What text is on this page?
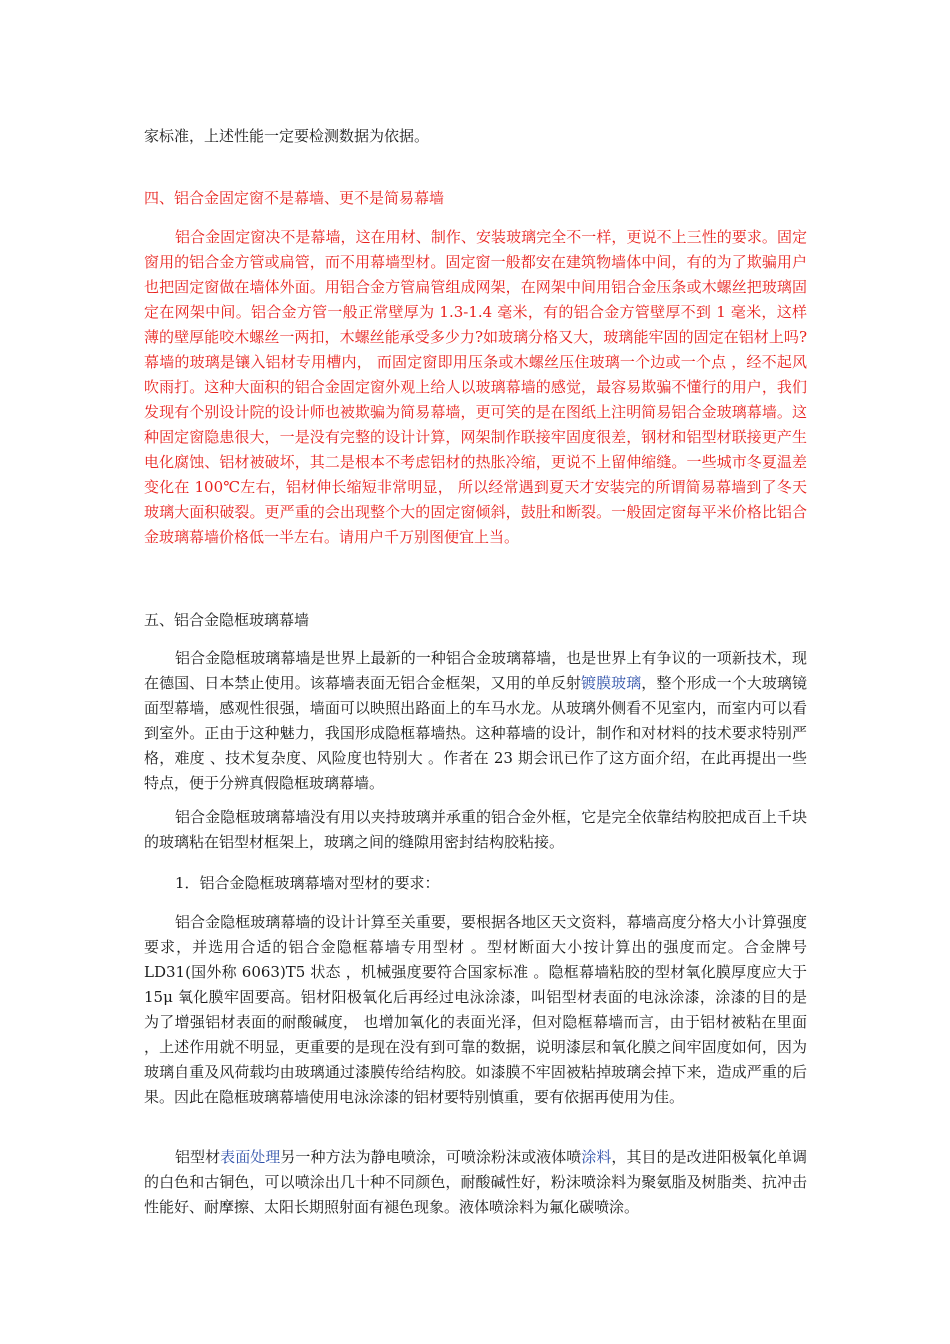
家标准，上述性能一定要检测数据为依据。

四、铝合金固定窗不是幕墙、更不是简易幕墙

铝合金固定窗决不是幕墙，这在用材、制作、安装玻璃完全不一样，更说不上三性的要求。固定窗用的铝合金方管或扁管，而不用幕墙型材。固定窗一般都安在建筑物墙体中间，有的为了欺骗用户也把固定窗做在墙体外面。用铝合金方管扁管组成网架，在网架中间用铝合金压条或木螺丝把玻璃固定在网架中间。铝合金方管一般正常壁厚为 1.3-1.4 毫米，有的铝合金方管壁厚不到 1 毫米，这样薄的壁厚能咬木螺丝一两扣，木螺丝能承受多少力?如玻璃分格又大，玻璃能牢固的固定在铝材上吗?幕墙的玻璃是镶入铝材专用槽内， 而固定窗即用压条或木螺丝压住玻璃一个边或一个点 ，经不起风吹雨打。这种大面积的铝合金固定窗外观上给人以玻璃幕墙的感觉，最容易欺骗不懂行的用户，我们发现有个别设计院的设计师也被欺骗为简易幕墙，更可笑的是在图纸上注明简易铝合金玻璃幕墙。这种固定窗隐患很大，一是没有完整的设计计算，网架制作联接牢固度很差，钢材和铝型材联接更产生电化腐蚀、铝材被破坏，其二是根本不考虑铝材的热胀冷缩，更说不上留伸缩缝。一些城市冬夏温差变化在 100℃左右，铝材伸长缩短非常明显， 所以经常遇到夏天才安装完的所谓简易幕墙到了冬天玻璃大面积破裂。更严重的会出现整个大的固定窗倾斜，鼓肚和断裂。一般固定窗每平米价格比铝合金玻璃幕墙价格低一半左右。请用户千万别图便宜上当。

五、铝合金隐框玻璃幕墙

铝合金隐框玻璃幕墙是世界上最新的一种铝合金玻璃幕墙，也是世界上有争议的一项新技术，现在德国、日本禁止使用。该幕墙表面无铝合金框架，又用的单反射镀膜玻璃，整个形成一个大玻璃镜面型幕墙，感观性很强，墙面可以映照出路面上的车马水龙。从玻璃外侧看不见室内，而室内可以看到室外。正由于这种魅力，我国形成隐框幕墙热。这种幕墙的设计，制作和对材料的技术要求特别严格，难度 、技术复杂度、风险度也特别大 。作者在 23 期会讯已作了这方面介绍，在此再提出一些特点，便于分辨真假隐框玻璃幕墙。

铝合金隐框玻璃幕墙没有用以夹持玻璃并承重的铝合金外框，它是完全依靠结构胶把成百上千块的玻璃粘在铝型材框架上，玻璃之间的缝隙用密封结构胶粘接。

1．铝合金隐框玻璃幕墙对型材的要求：

铝合金隐框玻璃幕墙的设计计算至关重要，要根据各地区天文资料，幕墙高度分格大小计算强度要求，并选用合适的铝合金隐框幕墙专用型材 。型材断面大小按计算出的强度而定。合金牌号 LD31(国外称 6063)T5 状态 ，机械强度要符合国家标准 。隐框幕墙粘胶的型材氧化膜厚度应大于 15μ 氧化膜牢固要高。铝材阳极氧化后再经过电泳涂漆，叫铝型材表面的电泳涂漆，涂漆的目的是为了增强铝材表面的耐酸碱度， 也增加氧化的表面光泽，但对隐框幕墙而言，由于铝材被粘在里面 ，上述作用就不明显，更重要的是现在没有到可靠的数据，说明漆层和氧化膜之间牢固度如何，因为玻璃自重及风荷载均由玻璃通过漆膜传给结构胶。如漆膜不牢固被粘掉玻璃会掉下来，造成严重的后果。因此在隐框玻璃幕墙使用电泳涂漆的铝材要特别慎重，要有依据再使用为佳。

铝型材表面处理另一种方法为静电喷涂，可喷涂粉沫或液体喷涂料，其目的是改进阳极氧化单调的白色和古铜色，可以喷涂出几十种不同颜色，耐酸碱性好，粉沫喷涂料为聚氨脂及树脂类、抗冲击性能好、耐摩擦、太阳长期照射面有褪色现象。液体喷涂料为氟化碳喷涂。
